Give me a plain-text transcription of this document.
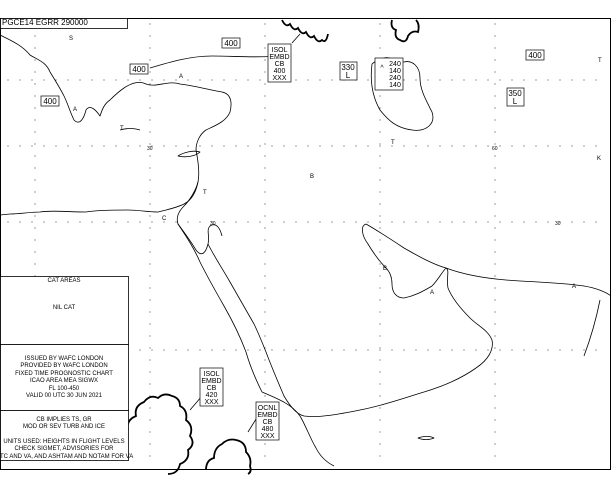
400
400
400
400
330
L
350
L
ISOL
EMBD
CB
400
XXX
ISOL
EMBD
CB
420
XXX
OCNL
EMBD
CB
480
XXX
^
240
140
240
140
30
30	30
60
S
A
A
T
T
B
T
C
B
A
A
K
T
PGCE14 EGRR 290000

CAT AREAS

NIL CAT

ISSUED BY WAFC LONDON

PROVIDED BY WAFC LONDON

FIXED TIME PROGNOSTIC CHART

ICAO AREA MEA SIGWX

FL 100-450

VALID 00 UTC 30 JUN 2021

CB IMPLIES TS, GR

MOD OR SEV TURB AND ICE

UNITS USED: HEIGHTS IN FLIGHT LEVELS

CHECK SIGMET, ADVISORIES FOR

TC AND VA, AND ASHTAM AND NOTAM FOR VA
